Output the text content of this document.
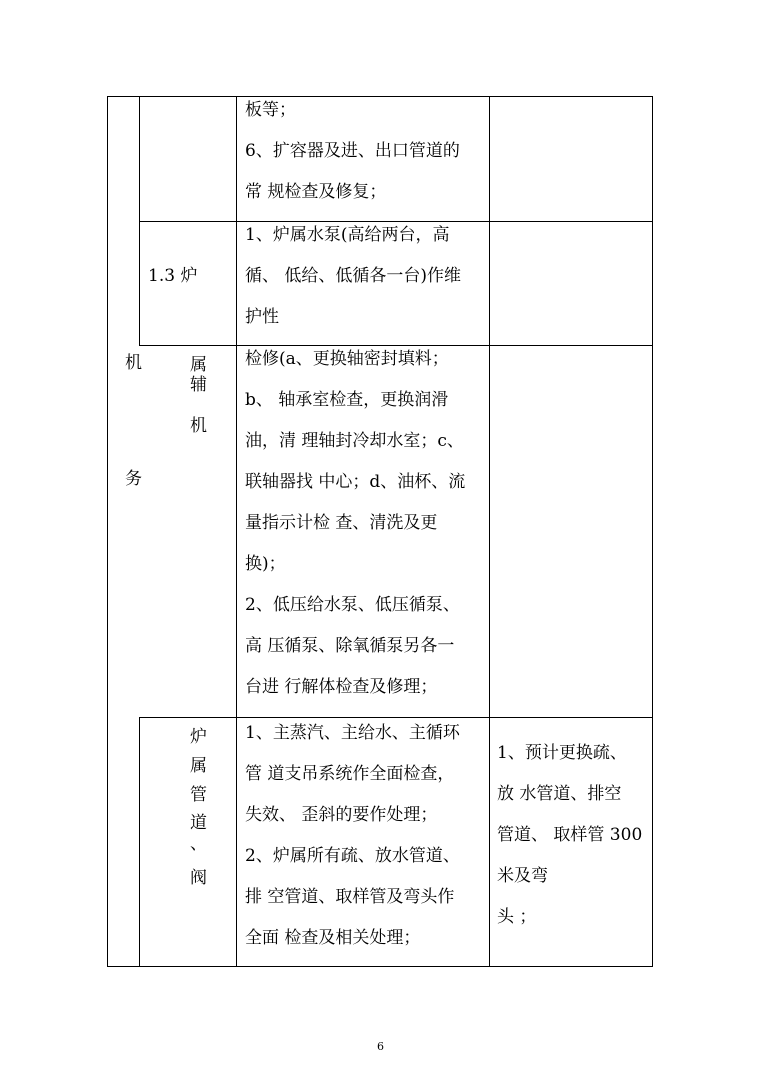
机
务
板等；
6、扩容器及进、出口管道的
常 规检查及修复；
1.3 炉
1、炉属水泵(高给两台，高
循、 低给、低循各一台)作维
护性
属
辅
机
检修(a、更换轴密封填料；
b、 轴承室检查，更换润滑
油，清 理轴封冷却水室；c、
联轴器找 中心；d、油杯、流
量指示计检 查、清洗及更
换)；
2、低压给水泵、低压循泵、
高 压循泵、除氧循泵另各一
台进 行解体检查及修理；
炉
属
管
道
、
阀
1、主蒸汽、主给水、主循环
管 道支吊系统作全面检查，
失效、 歪斜的要作处理；
2、炉属所有疏、放水管道、
排 空管道、取样管及弯头作
全面 检查及相关处理；
1、预计更换疏、
放 水管道、排空
管道、 取样管 300
米及弯
头 ；
6
